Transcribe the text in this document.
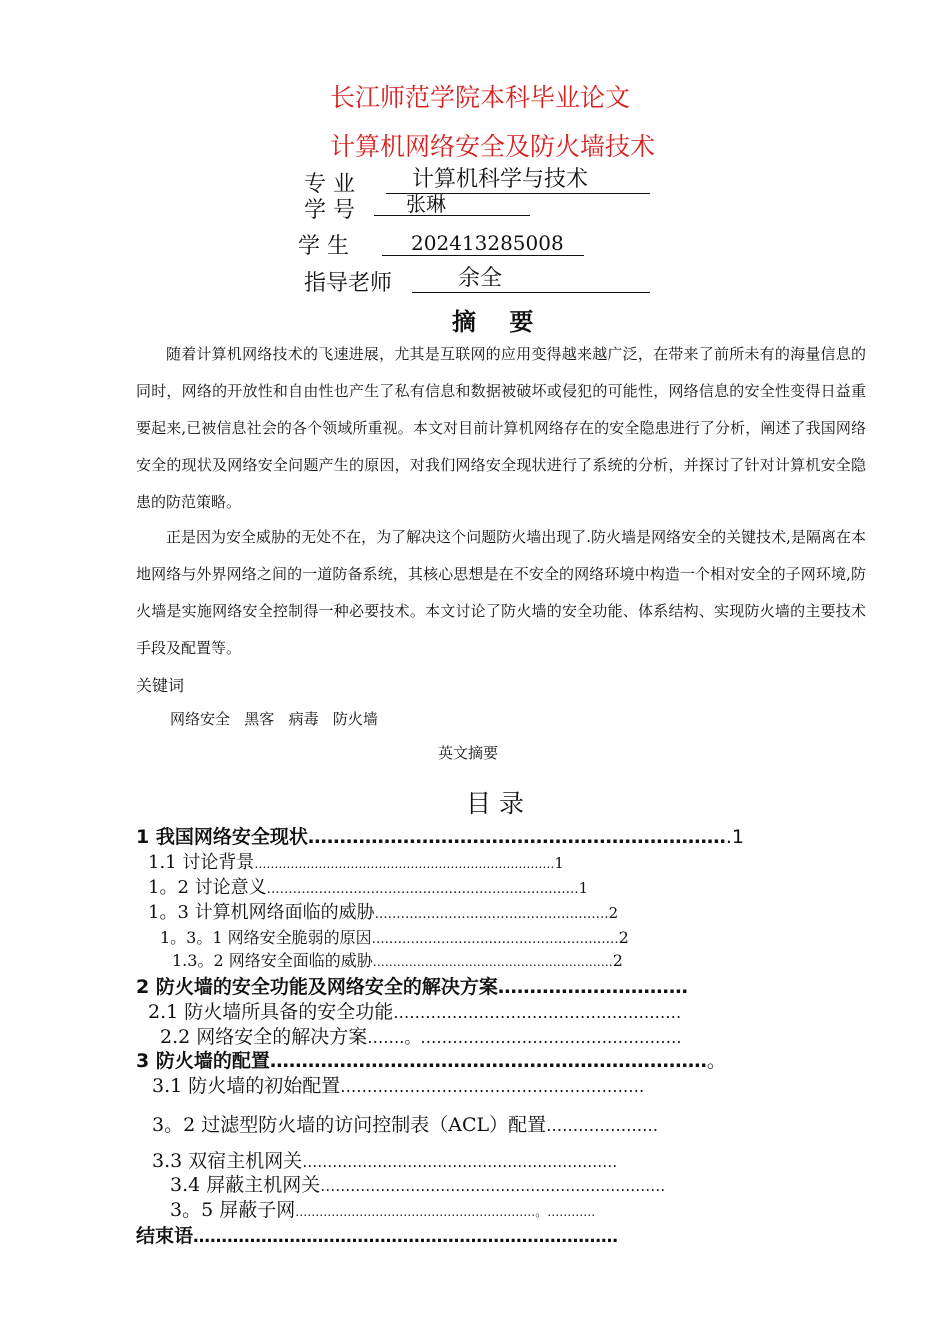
长江师范学院本科毕业论文
计算机网络安全及防火墙技术
专 业	计算机科学与技术
学 号	张琳
学 生	202413285008
指导老师	余全
摘    要

随着计算机网络技术的飞速进展，尤其是互联网的应用变得越来越广泛，在带来了前所未有的海量信息的同时，网络的开放性和自由性也产生了私有信息和数据被破坏或侵犯的可能性，网络信息的安全性变得日益重要起来,已被信息社会的各个领域所重视。本文对目前计算机网络存在的安全隐患进行了分析，阐述了我国网络安全的现状及网络安全问题产生的原因，对我们网络安全现状进行了系统的分析，并探讨了针对计算机安全隐患的防范策略。

正是因为安全威胁的无处不在，为了解决这个问题防火墙出现了.防火墙是网络安全的关键技术,是隔离在本地网络与外界网络之间的一道防备系统，其核心思想是在不安全的网络环境中构造一个相对安全的子网环境,防火墙是实施网络安全控制得一种必要技术。本文讨论了防火墙的安全功能、体系结构、实现防火墙的主要技术手段及配置等。

关键词
网络安全   黑客   病毒   防火墙
英文摘要
目 录
1 我国网络安全现状………………………………………………………….1
1.1 讨论背景…………………………………………………………………1
1。2 讨论意义………………………………………………………………1
1。3 计算机网络面临的威胁………………………………………………2
1。3。1 网络安全脆弱的原因…………………………………………………2
1.3。2 网络安全面临的威胁……………………………………………………2
2 防火墙的安全功能及网络安全的解决方案…………………………
2.1 防火墙所具备的安全功能………………………………………………
2.2 网络安全的解决方案…….。………………………………………….
3 防火墙的配置……………………………………………………………。
3.1 防火墙的初始配置…………………………………………………
3。2 过滤型防火墙的访问控制表（ACL）配置…………………
3.3 双宿主机网关………………………………………………………
3.4 屏蔽主机网关……………………………………………………………
3。5 屏蔽子网……………………………………………………。…………
结束语…………………………………………………………………
